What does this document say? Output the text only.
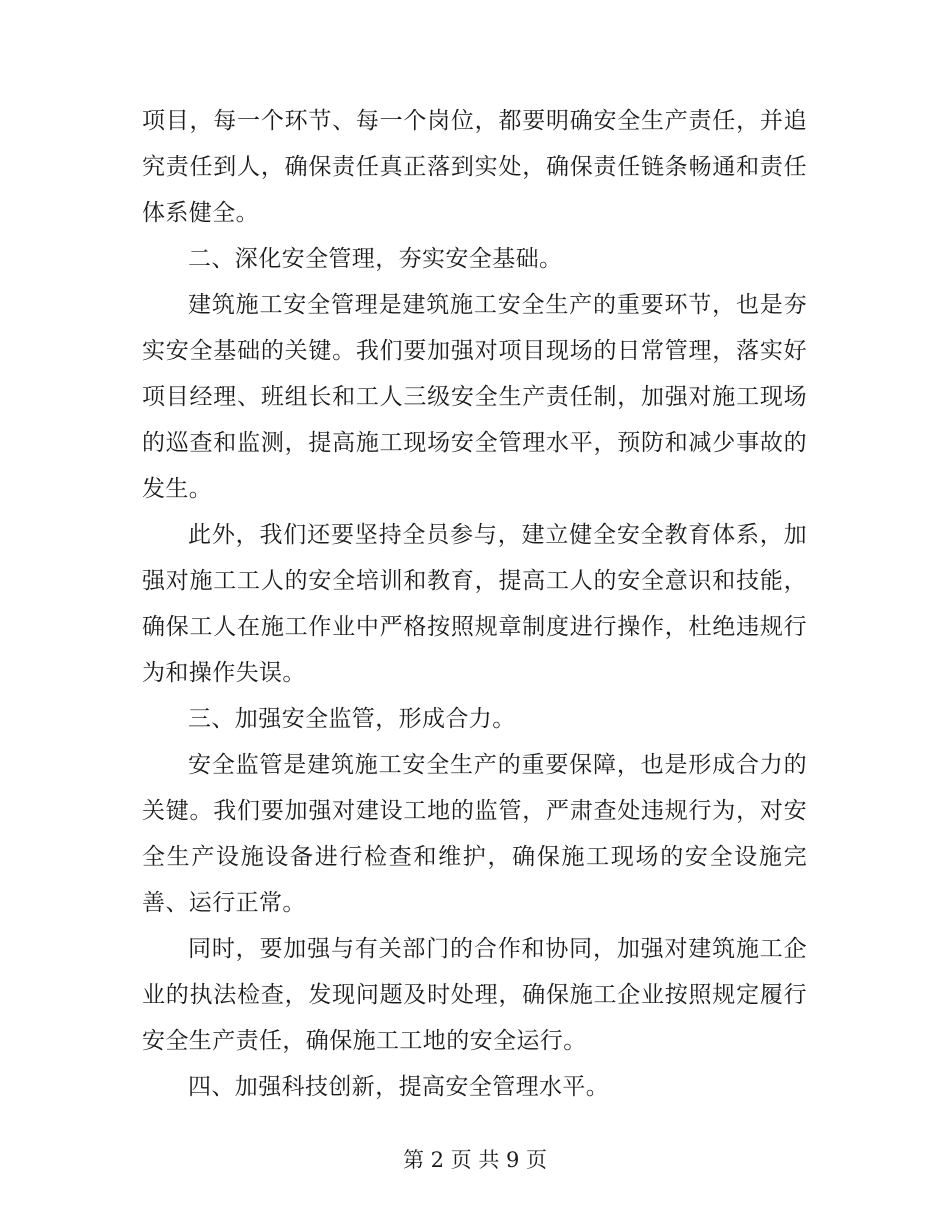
项目，每一个环节、每一个岗位，都要明确安全生产责任，并追究责任到人，确保责任真正落到实处，确保责任链条畅通和责任体系健全。

二、深化安全管理，夯实安全基础。

建筑施工安全管理是建筑施工安全生产的重要环节，也是夯实安全基础的关键。我们要加强对项目现场的日常管理，落实好项目经理、班组长和工人三级安全生产责任制，加强对施工现场的巡查和监测，提高施工现场安全管理水平，预防和减少事故的发生。

此外，我们还要坚持全员参与，建立健全安全教育体系，加强对施工工人的安全培训和教育，提高工人的安全意识和技能，确保工人在施工作业中严格按照规章制度进行操作，杜绝违规行为和操作失误。

三、加强安全监管，形成合力。

安全监管是建筑施工安全生产的重要保障，也是形成合力的关键。我们要加强对建设工地的监管，严肃查处违规行为，对安全生产设施设备进行检查和维护，确保施工现场的安全设施完善、运行正常。

同时，要加强与有关部门的合作和协同，加强对建筑施工企业的执法检查，发现问题及时处理，确保施工企业按照规定履行安全生产责任，确保施工工地的安全运行。

四、加强科技创新，提高安全管理水平。

第 2 页 共 9 页
